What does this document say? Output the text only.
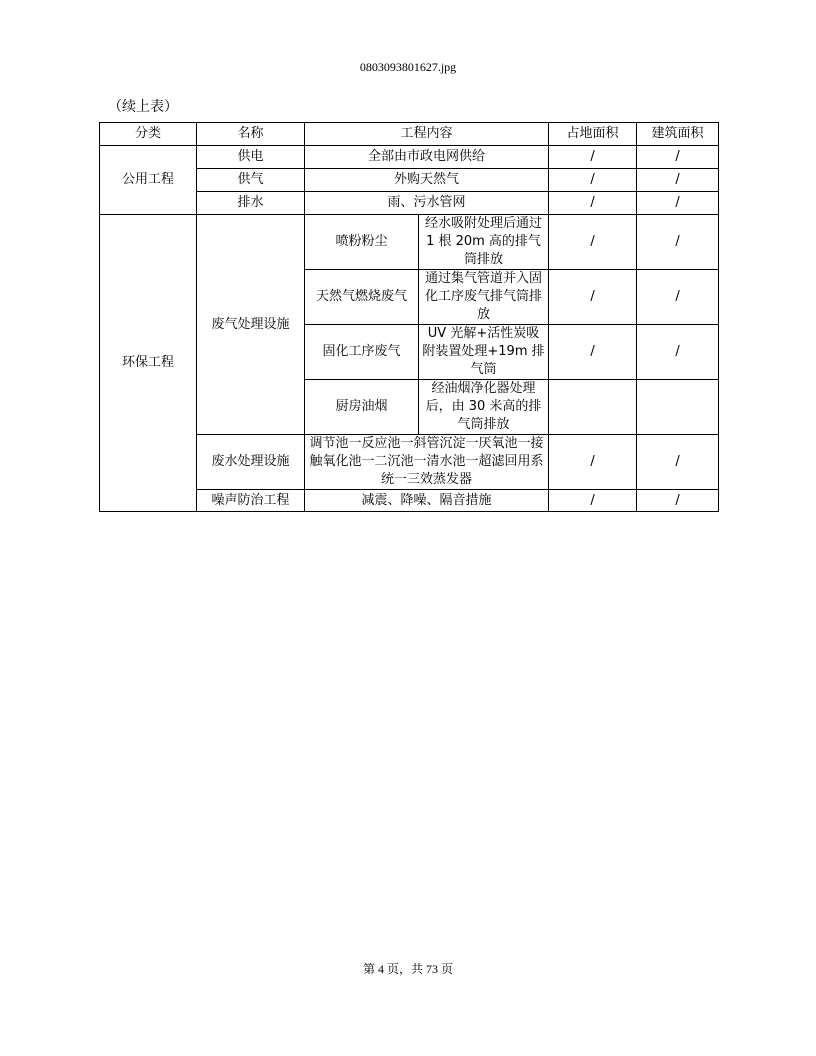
0803093801627.jpg
（续上表）
分类	名称	工程内容		占地面积	建筑面积
公用工程	供电	全部由市政电网供给		/	/
	供气	外购天然气		/	/
	排水	雨、污水管网		/	/
环保工程	废气处理设施	喷粉粉尘	经水吸附处理后通过 1 根 20m 高的排气筒排放	/	/
		天然气燃烧废气	通过集气管道并入固化工序废气排气筒排放	/	/
		固化工序废气	UV 光解+活性炭吸附装置处理+19m 排气筒	/	/
		厨房油烟	经油烟净化器处理后，由 30 米高的排气筒排放		
	废水处理设施	调节池一反应池一斜管沉淀一厌氧池一接触氧化池一二沉池一清水池一超滤回用系统一三效蒸发器		/	/
	噪声防治工程	减震、降噪、隔音措施		/	/
第 4 页，共 73 页
